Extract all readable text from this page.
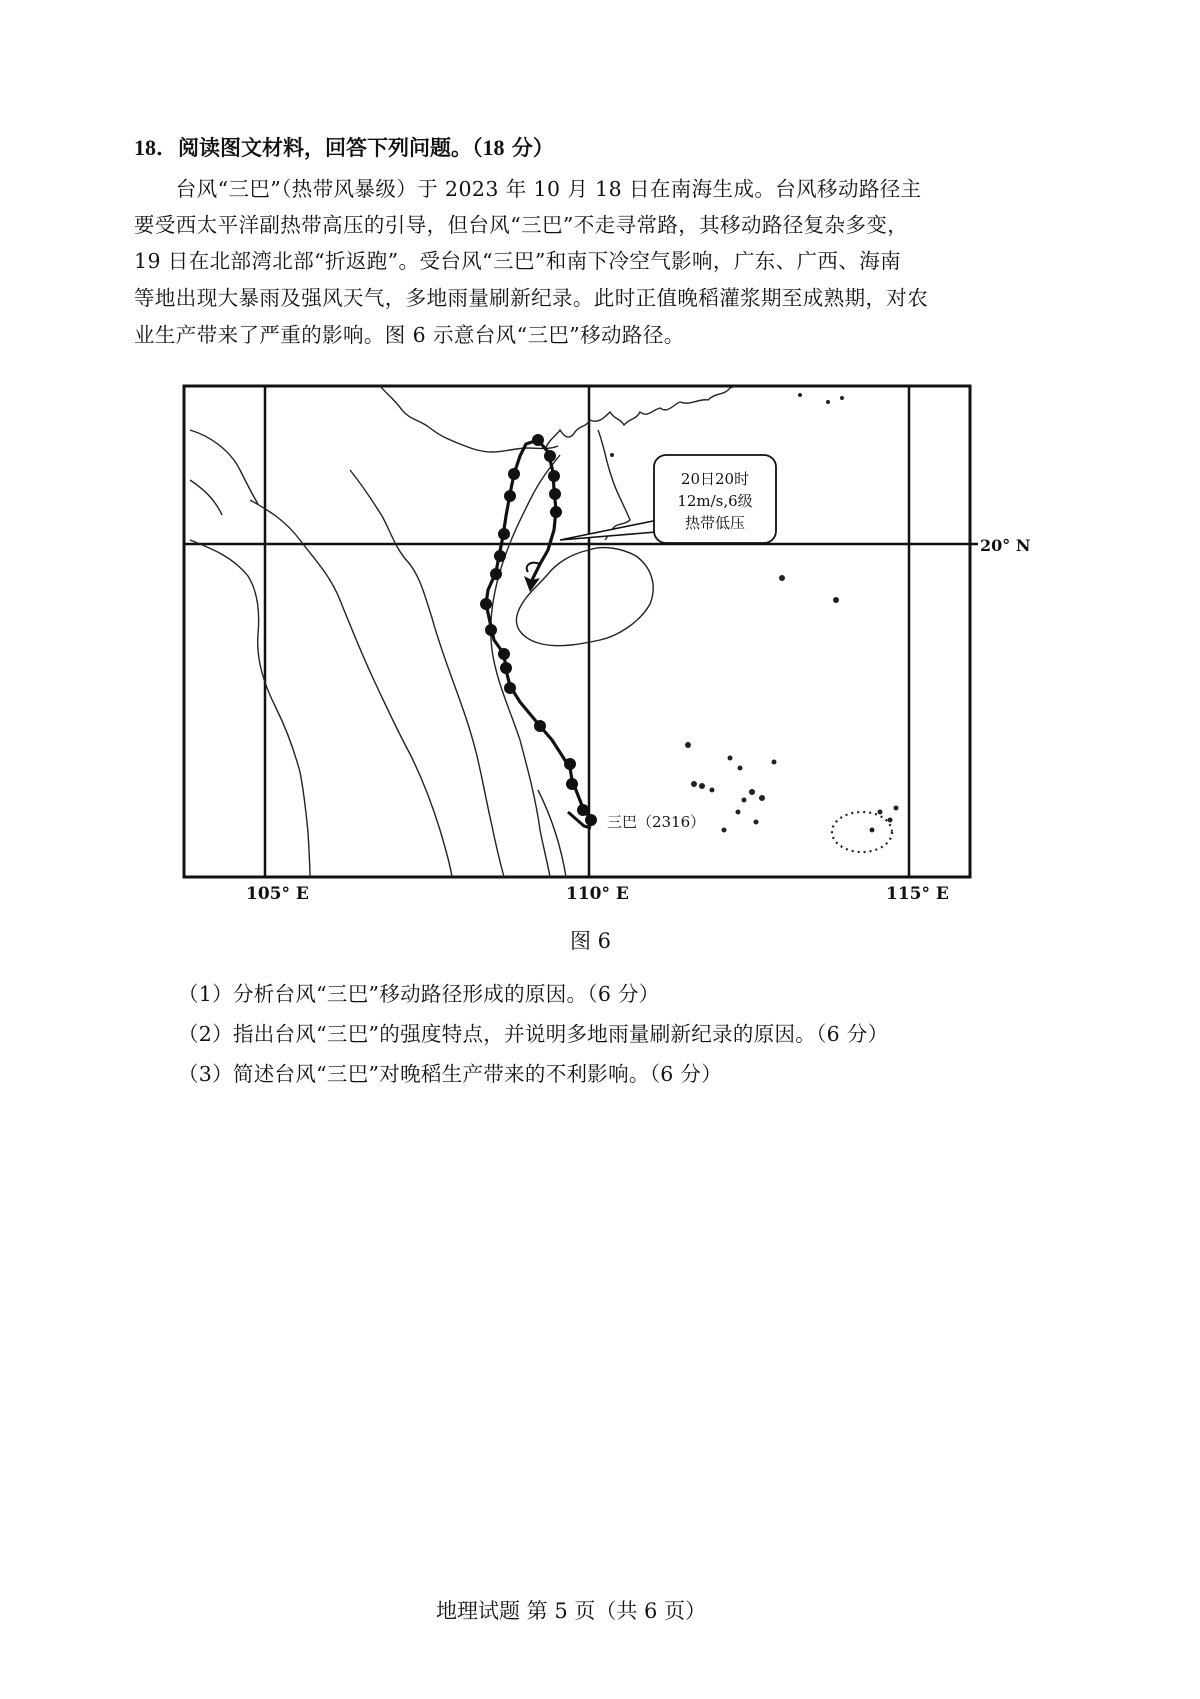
18．阅读图文材料，回答下列问题。（18 分）
　　台风“三巴”（热带风暴级）于 2023 年 10 月 18 日在南海生成。台风移动路径主
要受西太平洋副热带高压的引导，但台风“三巴”不走寻常路，其移动路径复杂多变，
19 日在北部湾北部“折返跑”。受台风“三巴”和南下冷空气影响，广东、广西、海南
等地出现大暴雨及强风天气，多地雨量刷新纪录。此时正值晚稻灌浆期至成熟期，对农
业生产带来了严重的影响。图 6 示意台风“三巴”移动路径。
20日20时
12m/s,6级
热带低压
三巴（2316）
20° N
105° E	110° E	115° E
图 6
（1）分析台风“三巴”移动路径形成的原因。（6 分）
（2）指出台风“三巴”的强度特点，并说明多地雨量刷新纪录的原因。（6 分）
（3）简述台风“三巴”对晚稻生产带来的不利影响。（6 分）
地理试题 第 5 页（共 6 页）
